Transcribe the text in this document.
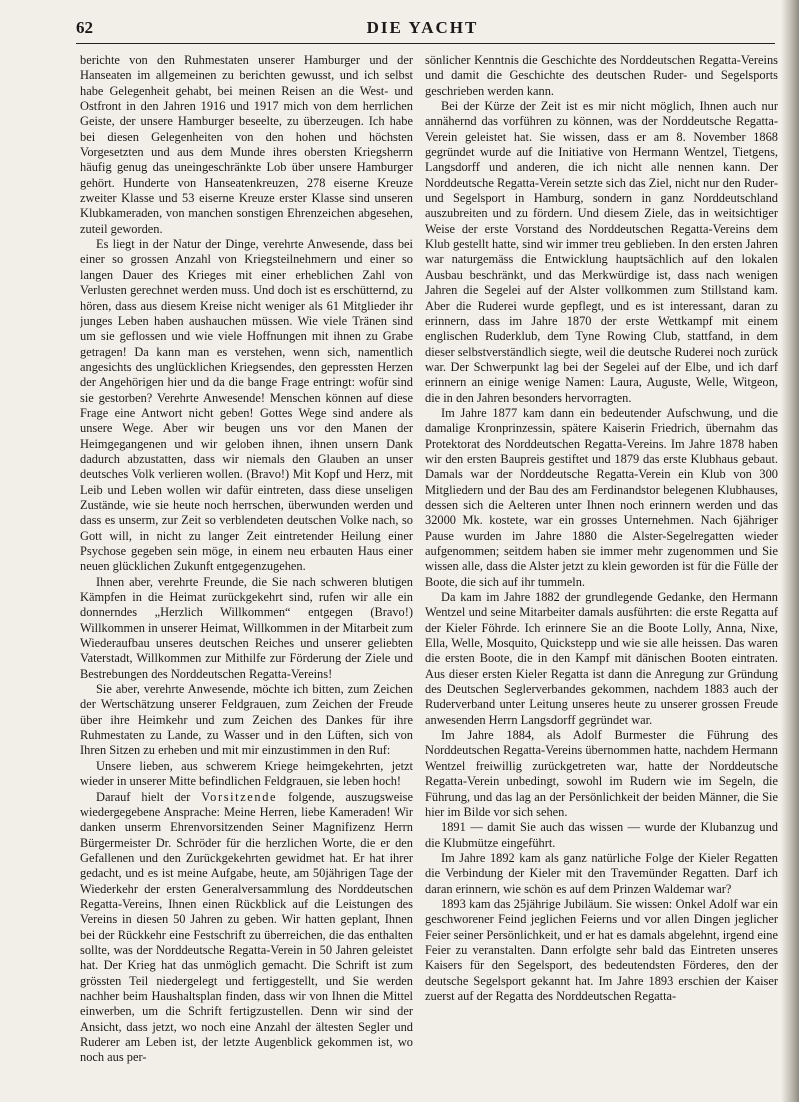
62	DIE YACHT

berichte von den Ruhmestaten unserer Hamburger und der Hanseaten im allgemeinen zu berichten gewusst, und ich selbst habe Gelegenheit gehabt, bei meinen Reisen an die West- und Ostfront in den Jahren 1916 und 1917 mich von dem herrlichen Geiste, der unsere Hamburger beseelte, zu überzeugen. Ich habe bei diesen Gelegenheiten von den hohen und höchsten Vorgesetzten und aus dem Munde ihres obersten Kriegsherrn häufig genug das uneingeschränkte Lob über unsere Hamburger gehört. Hunderte von Hanseatenkreuzen, 278 eiserne Kreuze zweiter Klasse und 53 eiserne Kreuze erster Klasse sind unseren Klubkameraden, von manchen sonstigen Ehrenzeichen abgesehen, zuteil geworden.

Es liegt in der Natur der Dinge, verehrte Anwesende, dass bei einer so grossen Anzahl von Kriegsteilnehmern und einer so langen Dauer des Krieges mit einer erheblichen Zahl von Verlusten gerechnet werden muss. Und doch ist es erschütternd, zu hören, dass aus diesem Kreise nicht weniger als 61 Mitglieder ihr junges Leben haben aushauchen müssen. Wie viele Tränen sind um sie geflossen und wie viele Hoffnungen mit ihnen zu Grabe getragen! Da kann man es verstehen, wenn sich, namentlich angesichts des unglücklichen Kriegsendes, den gepressten Herzen der Angehörigen hier und da die bange Frage entringt: wofür sind sie gestorben? Verehrte Anwesende! Menschen können auf diese Frage eine Antwort nicht geben! Gottes Wege sind andere als unsere Wege. Aber wir beugen uns vor den Manen der Heimgegangenen und wir geloben ihnen, ihnen unsern Dank dadurch abzustatten, dass wir niemals den Glauben an unser deutsches Volk verlieren wollen. (Bravo!) Mit Kopf und Herz, mit Leib und Leben wollen wir dafür eintreten, dass diese unseligen Zustände, wie sie heute noch herrschen, überwunden werden und dass es unserm, zur Zeit so verblendeten deutschen Volke nach, so Gott will, in nicht zu langer Zeit eintretender Heilung einer Psychose gegeben sein möge, in einem neu erbauten Haus einer neuen glücklichen Zukunft entgegenzugehen.

Ihnen aber, verehrte Freunde, die Sie nach schweren blutigen Kämpfen in die Heimat zurückgekehrt sind, rufen wir alle ein donnerndes „Herzlich Willkommen“ entgegen (Bravo!) Willkommen in unserer Heimat, Willkommen in der Mitarbeit zum Wiederaufbau unseres deutschen Reiches und unserer geliebten Vaterstadt, Willkommen zur Mithilfe zur Förderung der Ziele und Bestrebungen des Norddeutschen Regatta-Vereins!

Sie aber, verehrte Anwesende, möchte ich bitten, zum Zeichen der Wertschätzung unserer Feldgrauen, zum Zeichen der Freude über ihre Heimkehr und zum Zeichen des Dankes für ihre Ruhmestaten zu Lande, zu Wasser und in den Lüften, sich von Ihren Sitzen zu erheben und mit mir einzustimmen in den Ruf:

Unsere lieben, aus schwerem Kriege heimgekehrten, jetzt wieder in unserer Mitte befindlichen Feldgrauen, sie leben hoch!

Darauf hielt der Vorsitzende folgende, auszugsweise wiedergegebene Ansprache: Meine Herren, liebe Kameraden! Wir danken unserm Ehrenvorsitzenden Seiner Magnifizenz Herrn Bürgermeister Dr. Schröder für die herzlichen Worte, die er den Gefallenen und den Zurückgekehrten gewidmet hat. Er hat ihrer gedacht, und es ist meine Aufgabe, heute, am 50jährigen Tage der Wiederkehr der ersten Generalversammlung des Norddeutschen Regatta-Vereins, Ihnen einen Rückblick auf die Leistungen des Vereins in diesen 50 Jahren zu geben. Wir hatten geplant, Ihnen bei der Rückkehr eine Festschrift zu überreichen, die das enthalten sollte, was der Norddeutsche Regatta-Verein in 50 Jahren geleistet hat. Der Krieg hat das unmöglich gemacht. Die Schrift ist zum grössten Teil niedergelegt und fertiggestellt, und Sie werden nachher beim Haushaltsplan finden, dass wir von Ihnen die Mittel einwerben, um die Schrift fertigzustellen. Denn wir sind der Ansicht, dass jetzt, wo noch eine Anzahl der ältesten Segler und Ruderer am Leben ist, der letzte Augenblick gekommen ist, wo noch aus per-

sönlicher Kenntnis die Geschichte des Norddeutschen Regatta-Vereins und damit die Geschichte des deutschen Ruder- und Segelsports geschrieben werden kann.

Bei der Kürze der Zeit ist es mir nicht möglich, Ihnen auch nur annähernd das vorführen zu können, was der Norddeutsche Regatta-Verein geleistet hat. Sie wissen, dass er am 8. November 1868 gegründet wurde auf die Initiative von Hermann Wentzel, Tietgens, Langsdorff und anderen, die ich nicht alle nennen kann. Der Norddeutsche Regatta-Verein setzte sich das Ziel, nicht nur den Ruder- und Segelsport in Hamburg, sondern in ganz Norddeutschland auszubreiten und zu fördern. Und diesem Ziele, das in weitsichtiger Weise der erste Vorstand des Norddeutschen Regatta-Vereins dem Klub gestellt hatte, sind wir immer treu geblieben. In den ersten Jahren war naturgemäss die Entwicklung hauptsächlich auf den lokalen Ausbau beschränkt, und das Merkwürdige ist, dass nach wenigen Jahren die Segelei auf der Alster vollkommen zum Stillstand kam. Aber die Ruderei wurde gepflegt, und es ist interessant, daran zu erinnern, dass im Jahre 1870 der erste Wettkampf mit einem englischen Ruderklub, dem Tyne Rowing Club, stattfand, in dem dieser selbstverständlich siegte, weil die deutsche Ruderei noch zurück war. Der Schwerpunkt lag bei der Segelei auf der Elbe, und ich darf erinnern an einige wenige Namen: Laura, Auguste, Welle, Witgeon, die in den Jahren besonders hervorragten.

Im Jahre 1877 kam dann ein bedeutender Aufschwung, und die damalige Kronprinzessin, spätere Kaiserin Friedrich, übernahm das Protektorat des Norddeutschen Regatta-Vereins. Im Jahre 1878 haben wir den ersten Baupreis gestiftet und 1879 das erste Klubhaus gebaut. Damals war der Norddeutsche Regatta-Verein ein Klub von 300 Mitgliedern und der Bau des am Ferdinandstor belegenen Klubhauses, dessen sich die Aelteren unter Ihnen noch erinnern werden und das 32000 Mk. kostete, war ein grosses Unternehmen. Nach 6jähriger Pause wurden im Jahre 1880 die Alster-Segelregatten wieder aufgenommen; seitdem haben sie immer mehr zugenommen und Sie wissen alle, dass die Alster jetzt zu klein geworden ist für die Fülle der Boote, die sich auf ihr tummeln.

Da kam im Jahre 1882 der grundlegende Gedanke, den Hermann Wentzel und seine Mitarbeiter damals ausführten: die erste Regatta auf der Kieler Föhrde. Ich erinnere Sie an die Boote Lolly, Anna, Nixe, Ella, Welle, Mosquito, Quickstepp und wie sie alle heissen. Das waren die ersten Boote, die in den Kampf mit dänischen Booten eintraten. Aus dieser ersten Kieler Regatta ist dann die Anregung zur Gründung des Deutschen Seglerverbandes gekommen, nachdem 1883 auch der Ruderverband unter Leitung unseres heute zu unserer grossen Freude anwesenden Herrn Langsdorff gegründet war.

Im Jahre 1884, als Adolf Burmester die Führung des Norddeutschen Regatta-Vereins übernommen hatte, nachdem Hermann Wentzel freiwillig zurückgetreten war, hatte der Norddeutsche Regatta-Verein unbedingt, sowohl im Rudern wie im Segeln, die Führung, und das lag an der Persönlichkeit der beiden Männer, die Sie hier im Bilde vor sich sehen.

1891 — damit Sie auch das wissen — wurde der Klubanzug und die Klubmütze eingeführt.

Im Jahre 1892 kam als ganz natürliche Folge der Kieler Regatten die Verbindung der Kieler mit den Travemünder Regatten. Darf ich daran erinnern, wie schön es auf dem Prinzen Waldemar war?

1893 kam das 25jährige Jubiläum. Sie wissen: Onkel Adolf war ein geschworener Feind jeglichen Feierns und vor allen Dingen jeglicher Feier seiner Persönlichkeit, und er hat es damals abgelehnt, irgend eine Feier zu veranstalten. Dann erfolgte sehr bald das Eintreten unseres Kaisers für den Segelsport, des bedeutendsten Förderes, den der deutsche Segelsport gekannt hat. Im Jahre 1893 erschien der Kaiser zuerst auf der Regatta des Norddeutschen Regatta-
